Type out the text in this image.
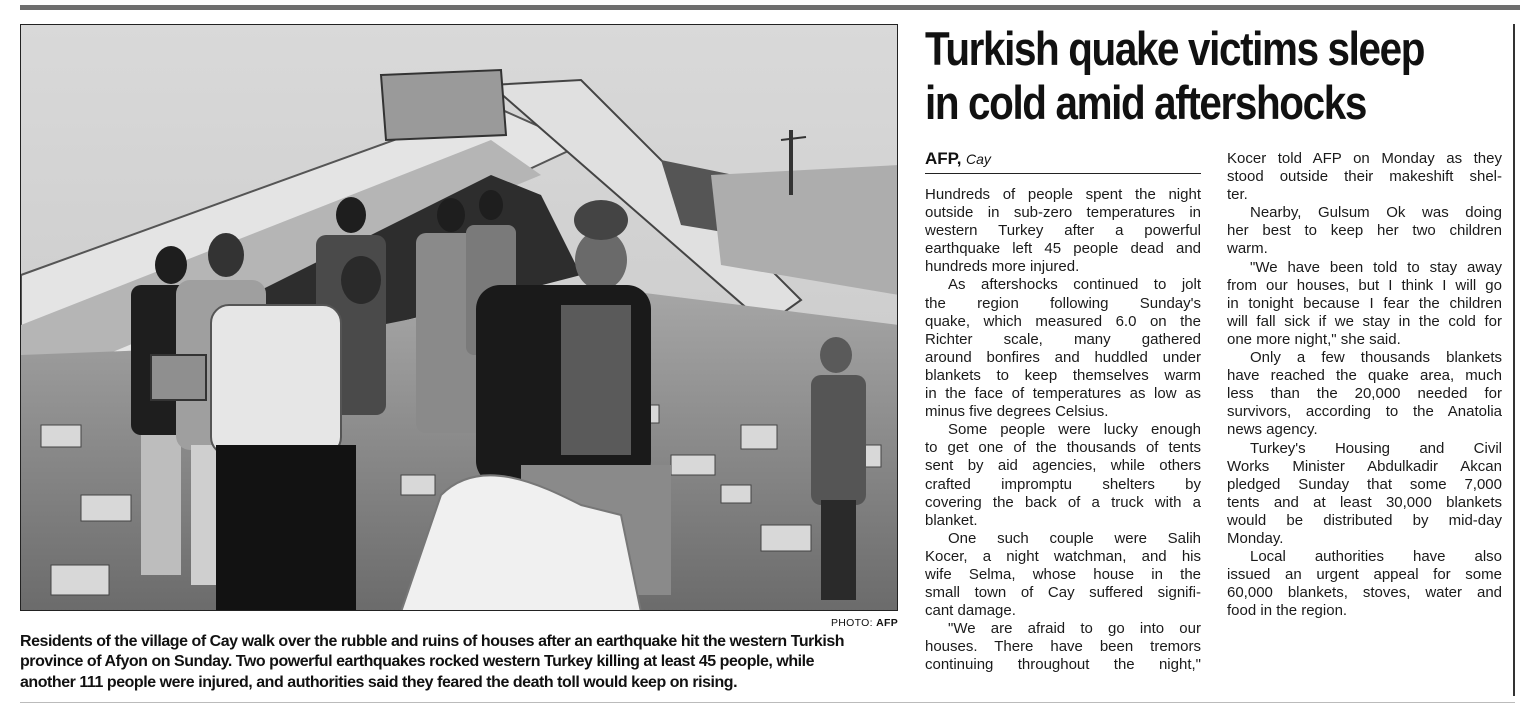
PHOTO: AFP
Residents of the village of Cay walk over the rubble and ruins of houses after an earthquake hit the western Turkish
province of Afyon on Sunday. Two powerful earthquakes rocked western Turkey killing at least 45 people, while
another 111 people were injured, and authorities said they feared the death toll would keep on rising.
Turkish quake victims sleep
in cold amid aftershocks
AFP, Cay
Hundreds of people spent the night
outside in sub-zero temperatures in
western Turkey after a powerful
earthquake left 45 people dead and
hundreds more injured.
As aftershocks continued to jolt
the region following Sunday's
quake, which measured 6.0 on the
Richter scale, many gathered
around bonfires and huddled under
blankets to keep themselves warm
in the face of temperatures as low as
minus five degrees Celsius.
Some people were lucky enough
to get one of the thousands of tents
sent by aid agencies, while others
crafted impromptu shelters by
covering the back of a truck with a
blanket.
One such couple were Salih
Kocer, a night watchman, and his
wife Selma, whose house in the
small town of Cay suffered signifi-
cant damage.
"We are afraid to go into our
houses. There have been tremors
continuing throughout the night,"
Kocer told AFP on Monday as they
stood outside their makeshift shel-
ter.
Nearby, Gulsum Ok was doing
her best to keep her two children
warm.
"We have been told to stay away
from our houses, but I think I will go
in tonight because I fear the children
will fall sick if we stay in the cold for
one more night," she said.
Only a few thousands blankets
have reached the quake area, much
less than the 20,000 needed for
survivors, according to the Anatolia
news agency.
Turkey's Housing and Civil
Works Minister Abdulkadir Akcan
pledged Sunday that some 7,000
tents and at least 30,000 blankets
would be distributed by mid-day
Monday.
Local authorities have also
issued an urgent appeal for some
60,000 blankets, stoves, water and
food in the region.
